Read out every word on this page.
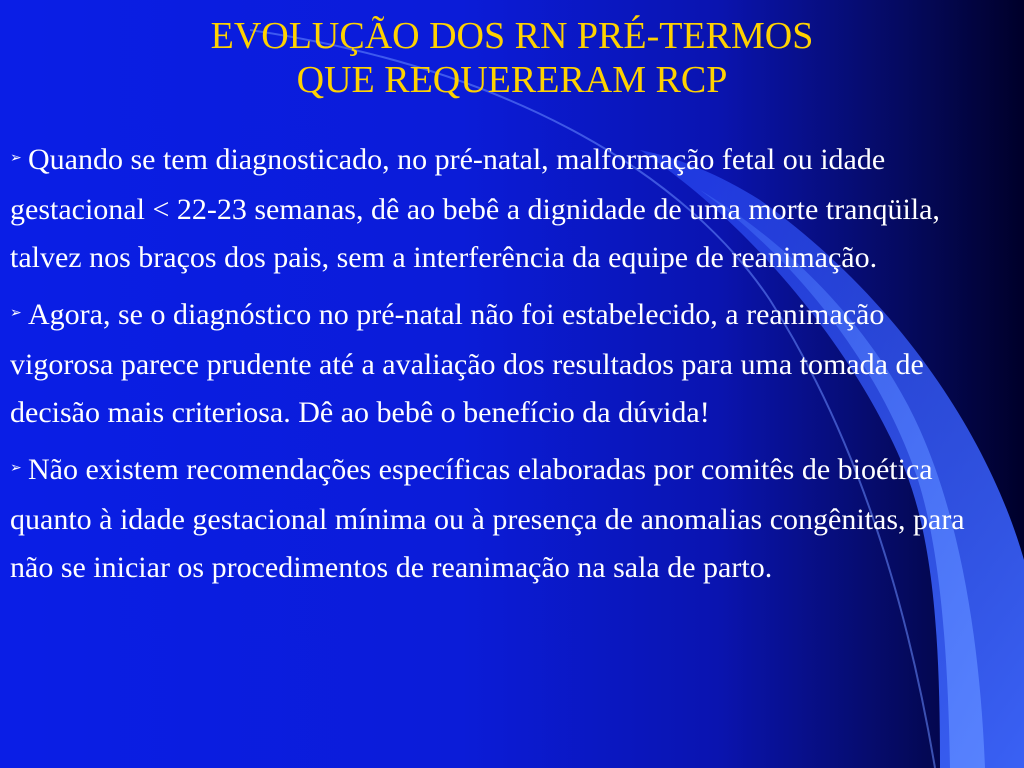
EVOLUÇÃO DOS RN PRÉ-TERMOS
QUE REQUERERAM RCP
➢ Quando se tem diagnosticado, no pré-natal, malformação fetal ou idade gestacional < 22-23 semanas, dê ao bebê a dignidade de uma morte tranqüila, talvez nos braços dos pais, sem a interferência da equipe de reanimação.
➢ Agora, se o diagnóstico no pré-natal não foi estabelecido, a reanimação vigorosa parece prudente até a avaliação dos resultados para uma tomada de decisão mais criteriosa. Dê ao bebê o benefício da dúvida!
➢ Não existem recomendações específicas elaboradas por comitês de bioética quanto à idade gestacional mínima ou à presença de anomalias congênitas, para não se iniciar os procedimentos de reanimação na sala de parto.
